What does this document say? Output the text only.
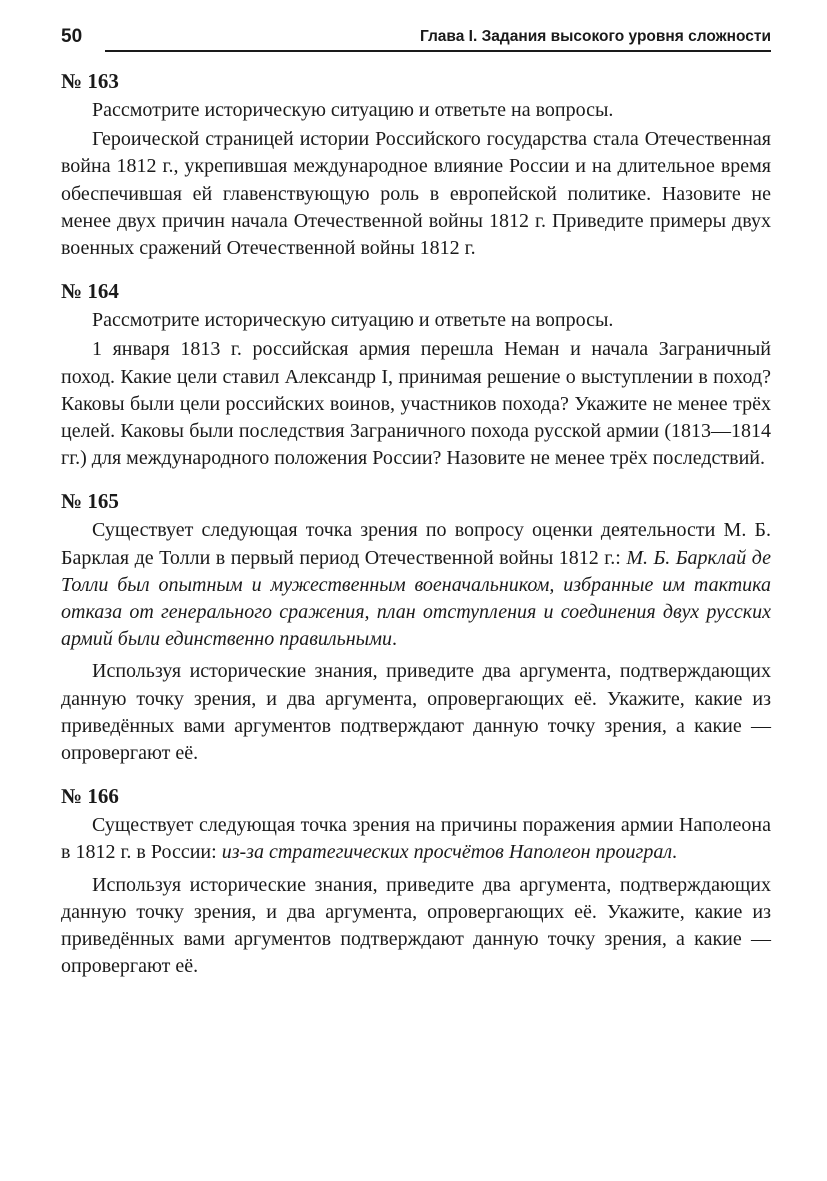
50	Глава I. Задания высокого уровня сложности
№ 163

Рассмотрите историческую ситуацию и ответьте на вопросы.

Героической страницей истории Российского государства стала Отечественная война 1812 г., укрепившая международное влияние России и на длительное время обеспечившая ей главенствующую роль в европейской политике. Назовите не менее двух причин начала Отечественной войны 1812 г. Приведите примеры двух военных сражений Отечественной войны 1812 г.

№ 164

Рассмотрите историческую ситуацию и ответьте на вопросы.

1 января 1813 г. российская армия перешла Неман и начала Заграничный поход. Какие цели ставил Александр I, принимая решение о выступлении в поход? Каковы были цели российских воинов, участников похода? Укажите не менее трёх целей. Каковы были последствия Заграничного похода русской армии (1813—1814 гг.) для международного положения России? Назовите не менее трёх последствий.

№ 165

Существует следующая точка зрения по вопросу оценки деятельности М. Б. Барклая де Толли в первый период Отечественной войны 1812 г.: М. Б. Барклай де Толли был опытным и мужественным военачальником, избранные им тактика отказа от генерального сражения, план отступления и соединения двух русских армий были единственно правильными.

Используя исторические знания, приведите два аргумента, подтверждающих данную точку зрения, и два аргумента, опровергающих её. Укажите, какие из приведённых вами аргументов подтверждают данную точку зрения, а какие — опровергают её.

№ 166

Существует следующая точка зрения на причины поражения армии Наполеона в 1812 г. в России: из-за стратегических просчётов Наполеон проиграл.

Используя исторические знания, приведите два аргумента, подтверждающих данную точку зрения, и два аргумента, опровергающих её. Укажите, какие из приведённых вами аргументов подтверждают данную точку зрения, а какие — опровергают её.
